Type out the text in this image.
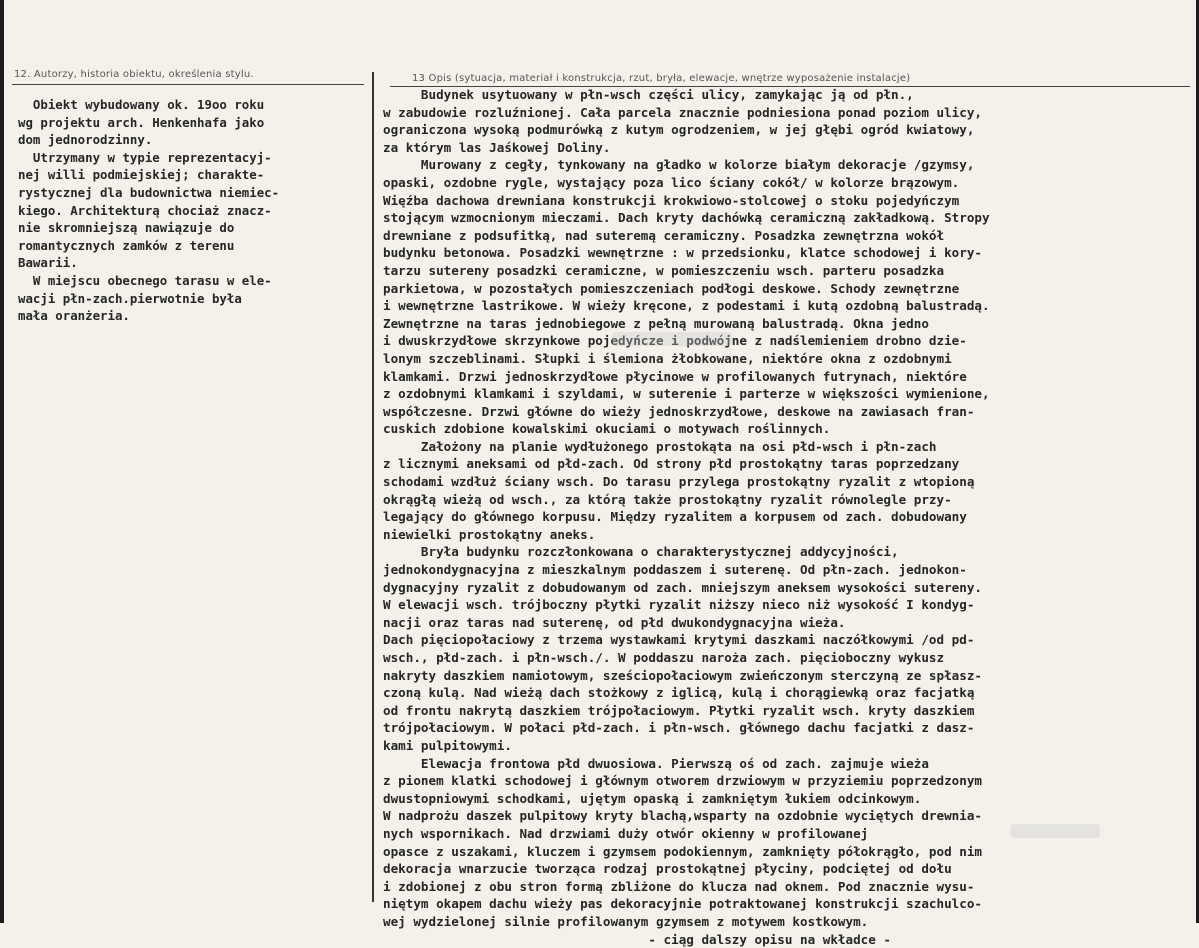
12. Autorzy, historia obiektu, określenia stylu.	13 Opis (sytuacja, materiał i konstrukcja, rzut, bryła, elewacje, wnętrze wyposażenie instalacje)
Obiekt wybudowany ok. 19oo roku
wg projektu arch. Henkenhafa jako
dom jednorodzinny.
Utrzymany w typie reprezentacyj-
nej willi podmiejskiej; charakte-
rystycznej dla budownictwa niemiec-
kiego. Architekturą chociaż znacz-
nie skromniejszą nawiązuje do
romantycznych zamków z terenu
Bawarii.
W miejscu obecnego tarasu w ele-
wacji płn-zach.pierwotnie była
mała oranżeria.
Budynek usytuowany w płn-wsch części ulicy, zamykając ją od płn.,
w zabudowie rozluźnionej. Cała parcela znacznie podniesiona ponad poziom ulicy,
ograniczona wysoką podmurówką z kutym ogrodzeniem, w jej głębi ogród kwiatowy,
za którym las Jaśkowej Doliny.
Murowany z cegły, tynkowany na gładko w kolorze białym dekoracje /gzymsy,
opaski, ozdobne rygle, wystający poza lico ściany cokół/ w kolorze brązowym.
Więźba dachowa drewniana konstrukcji krokwiowo-stolcowej o stoku pojedyńczym
stojącym wzmocnionym mieczami. Dach kryty dachówką ceramiczną zakładkową. Stropy
drewniane z podsufitką, nad suteremą ceramiczny. Posadzka zewnętrzna wokół
budynku betonowa. Posadzki wewnętrzne : w przedsionku, klatce schodowej i kory-
tarzu sutereny posadzki ceramiczne, w pomieszczeniu wsch. parteru posadzka
parkietowa, w pozostałych pomieszczeniach podłogi deskowe. Schody zewnętrzne
i wewnętrzne lastrikowe. W wieży kręcone, z podestami i kutą ozdobną balustradą.
Zewnętrzne na taras jednobiegowe z pełną murowaną balustradą. Okna jedno
i dwuskrzydłowe skrzynkowe pojedyńcze i podwójne z nadślemieniem drobno dzie-
lonym szczeblinami. Słupki i ślemiona żłobkowane, niektóre okna z ozdobnymi
klamkami. Drzwi jednoskrzydłowe płycinowe w profilowanych futrynach, niektóre
z ozdobnymi klamkami i szyldami, w suterenie i parterze w większości wymienione,
współczesne. Drzwi główne do wieży jednoskrzydłowe, deskowe na zawiasach fran-
cuskich zdobione kowalskimi okuciami o motywach roślinnych.
Założony na planie wydłużonego prostokąta na osi płd-wsch i płn-zach
z licznymi aneksami od płd-zach. Od strony płd prostokątny taras poprzedzany
schodami wzdłuż ściany wsch. Do tarasu przylega prostokątny ryzalit z wtopioną
okrągłą wieżą od wsch., za którą także prostokątny ryzalit równolegle przy-
legający do głównego korpusu. Między ryzalitem a korpusem od zach. dobudowany
niewielki prostokątny aneks.
Bryła budynku rozczłonkowana o charakterystycznej addycyjności,
jednokondygnacyjna z mieszkalnym poddaszem i suterenę. Od płn-zach. jednokon-
dygnacyjny ryzalit z dobudowanym od zach. mniejszym aneksem wysokości sutereny.
W elewacji wsch. trójboczny płytki ryzalit niższy nieco niż wysokość I kondyg-
nacji oraz taras nad suterenę, od płd dwukondygnacyjna wieża.
Dach pięciopołaciowy z trzema wystawkami krytymi daszkami naczółkowymi /od pd-
wsch., płd-zach. i płn-wsch./. W poddaszu naroża zach. pięcioboczny wykusz
nakryty daszkiem namiotowym, sześciopołaciowym zwieńczonym sterczyną ze spłasz-
czoną kulą. Nad wieżą dach stożkowy z iglicą, kulą i chorągiewką oraz facjatką
od frontu nakrytą daszkiem trójpołaciowym. Płytki ryzalit wsch. kryty daszkiem
trójpołaciowym. W połaci płd-zach. i płn-wsch. głównego dachu facjatki z dasz-
kami pulpitowymi.
Elewacja frontowa płd dwuosiowa. Pierwszą oś od zach. zajmuje wieża
z pionem klatki schodowej i głównym otworem drzwiowym w przyziemiu poprzedzonym
dwustopniowymi schodkami, ujętym opaską i zamkniętym łukiem odcinkowym.
W nadprożu daszek pulpitowy kryty blachą,wsparty na ozdobnie wyciętych drewnia-
nych wspornikach. Nad drzwiami duży otwór okienny w profilowanej
opasce z uszakami, kluczem i gzymsem podokiennym, zamknięty półokrągło, pod nim
dekoracja wnarzucie tworząca rodzaj prostokątnej płyciny, podciętej od dołu
i zdobionej z obu stron formą zbliżone do klucza nad oknem. Pod znacznie wysu-
niętym okapem dachu wieży pas dekoracyjnie potraktowanej konstrukcji szachulco-
wej wydzielonej silnie profilowanym gzymsem z motywem kostkowym.
- ciąg dalszy opisu na wkładce -
